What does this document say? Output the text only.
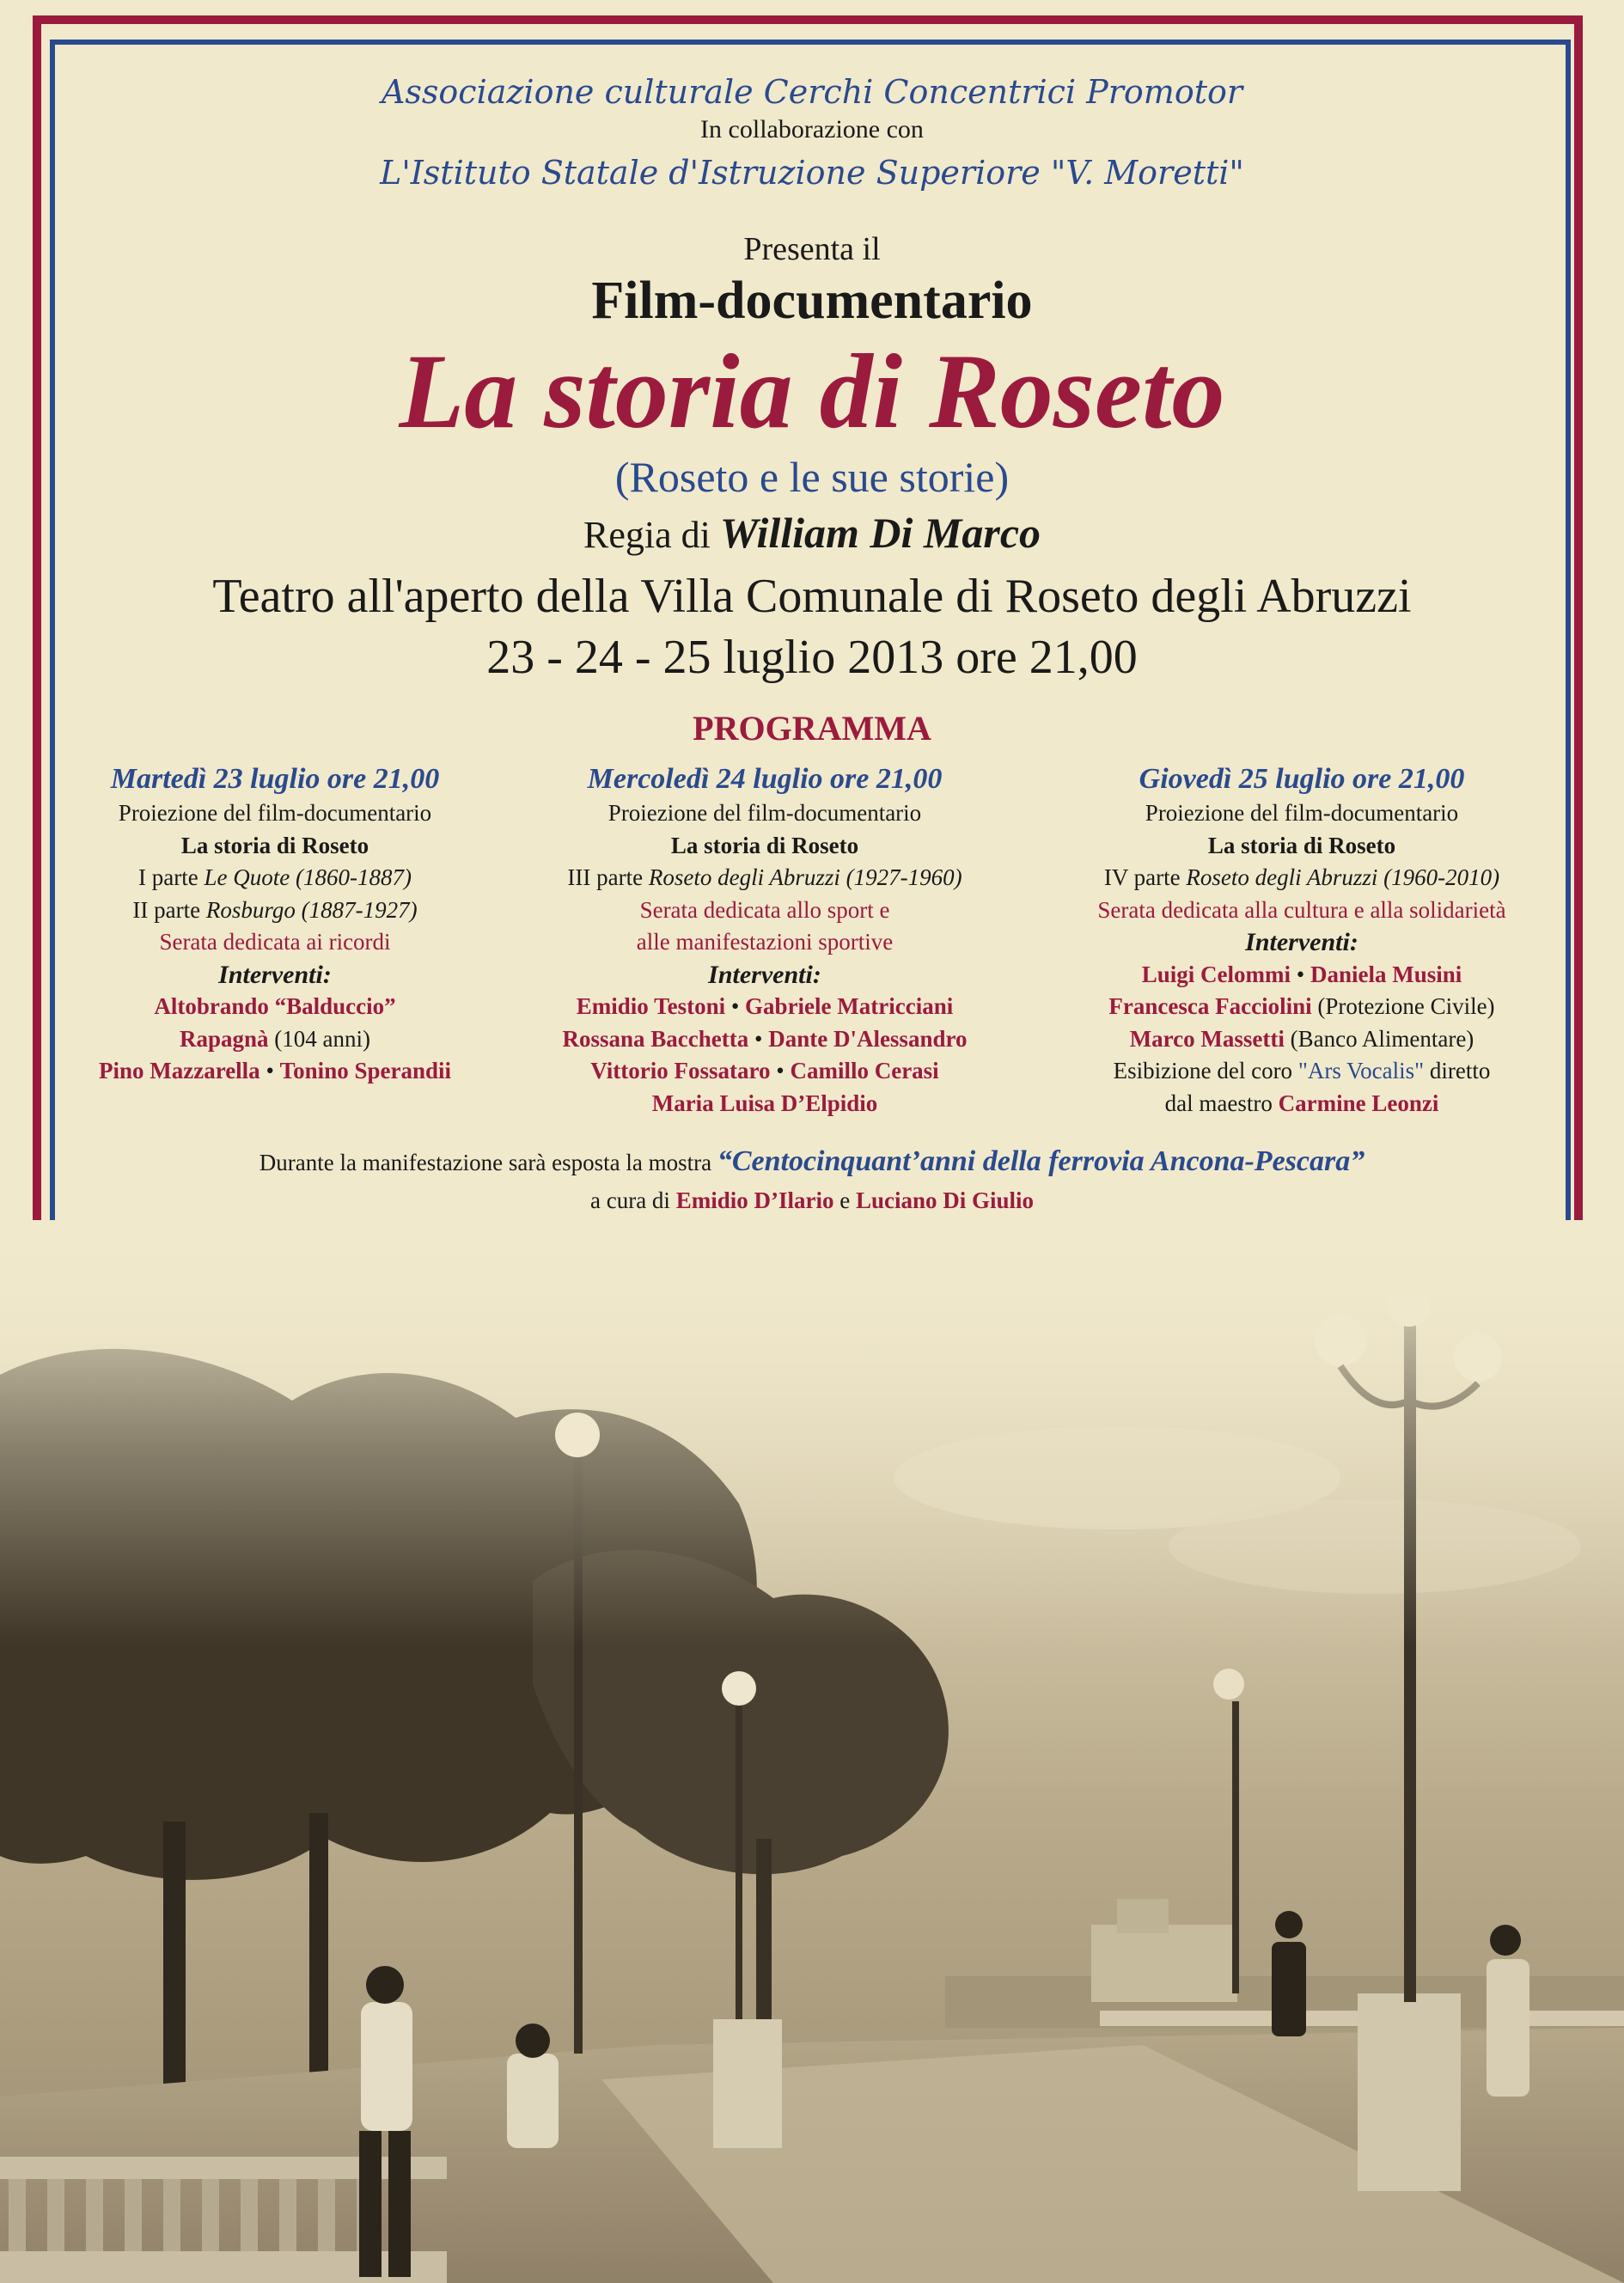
Associazione culturale Cerchi Concentrici Promotor
In collaborazione con
L'Istituto Statale d'Istruzione Superiore "V. Moretti"
Presenta il
Film-documentario
La storia di Roseto
(Roseto e le sue storie)
Regia di William Di Marco
Teatro all'aperto della Villa Comunale di Roseto degli Abruzzi
23 - 24 - 25 luglio 2013 ore 21,00
PROGRAMMA
Martedì 23 luglio ore 21,00
Proiezione del film-documentario
La storia di Roseto
I parte Le Quote (1860-1887)
II parte Rosburgo (1887-1927)
Serata dedicata ai ricordi
Interventi:
Altobrando “Balduccio”
Rapagnà (104 anni)
Pino Mazzarella • Tonino Sperandii
Mercoledì 24 luglio ore 21,00
Proiezione del film-documentario
La storia di Roseto
III parte Roseto degli Abruzzi (1927-1960)
Serata dedicata allo sport e
alle manifestazioni sportive
Interventi:
Emidio Testoni • Gabriele Matricciani
Rossana Bacchetta • Dante D'Alessandro
Vittorio Fossataro • Camillo Cerasi
Maria Luisa D’Elpidio
Giovedì 25 luglio ore 21,00
Proiezione del film-documentario
La storia di Roseto
IV parte Roseto degli Abruzzi (1960-2010)
Serata dedicata alla cultura e alla solidarietà
Interventi:
Luigi Celommi • Daniela Musini
Francesca Facciolini (Protezione Civile)
Marco Massetti (Banco Alimentare)
Esibizione del coro "Ars Vocalis" diretto
dal maestro Carmine Leonzi
Durante la manifestazione sarà esposta la mostra “Centocinquant’anni della ferrovia Ancona-Pescara”
a cura di Emidio D’Ilario e Luciano Di Giulio
